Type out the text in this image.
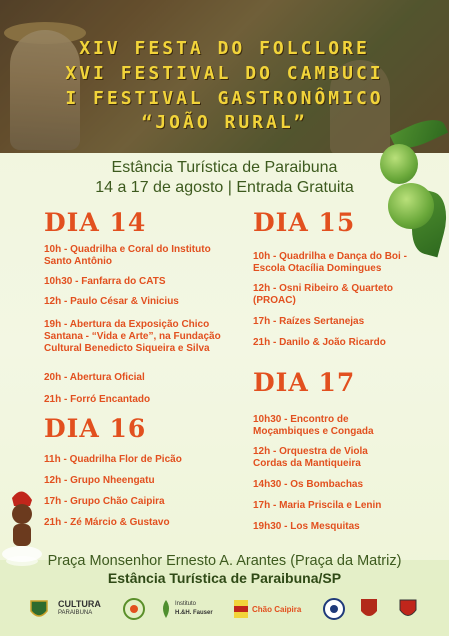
XIV FESTA DO FOLCLORE
XVI FESTIVAL DO CAMBUCI
I FESTIVAL GASTRONÔMICO
“JOÃO RURAL”
Estância Turística de Paraibuna
14 a 17 de agosto | Entrada Gratuita
DIA 14
10h - Quadrilha e Coral do Instituto Santo Antônio
10h30 - Fanfarra do CATS
12h - Paulo César & Vinicius
19h - Abertura da Exposição Chico Santana - “Vida e Arte”, na Fundação Cultural Benedicto Siqueira e Silva
20h - Abertura Oficial
21h - Forró Encantado
DIA 16
11h - Quadrilha Flor de Picão
12h - Grupo Nheengatu
17h - Grupo Chão Caipira
21h - Zé Márcio & Gustavo
DIA 15
10h - Quadrilha e Dança do Boi - Escola Otacília Domingues
12h - Osni Ribeiro & Quarteto (PROAC)
17h - Raízes Sertanejas
21h - Danilo & João Ricardo
DIA 17
10h30 - Encontro de Moçambiques e Congada
12h - Orquestra de Viola Cordas da Mantiqueira
14h30 - Os Bombachas
17h - Maria Priscila e Lenin
19h30 - Los Mesquitas
Praça Monsenhor Ernesto A. Arantes (Praça da Matriz)
Estância Turística de Paraibuna/SP
CULTURA
PARAIBUNA
Instituto
H.&H. Fauser	Chão Caipira
